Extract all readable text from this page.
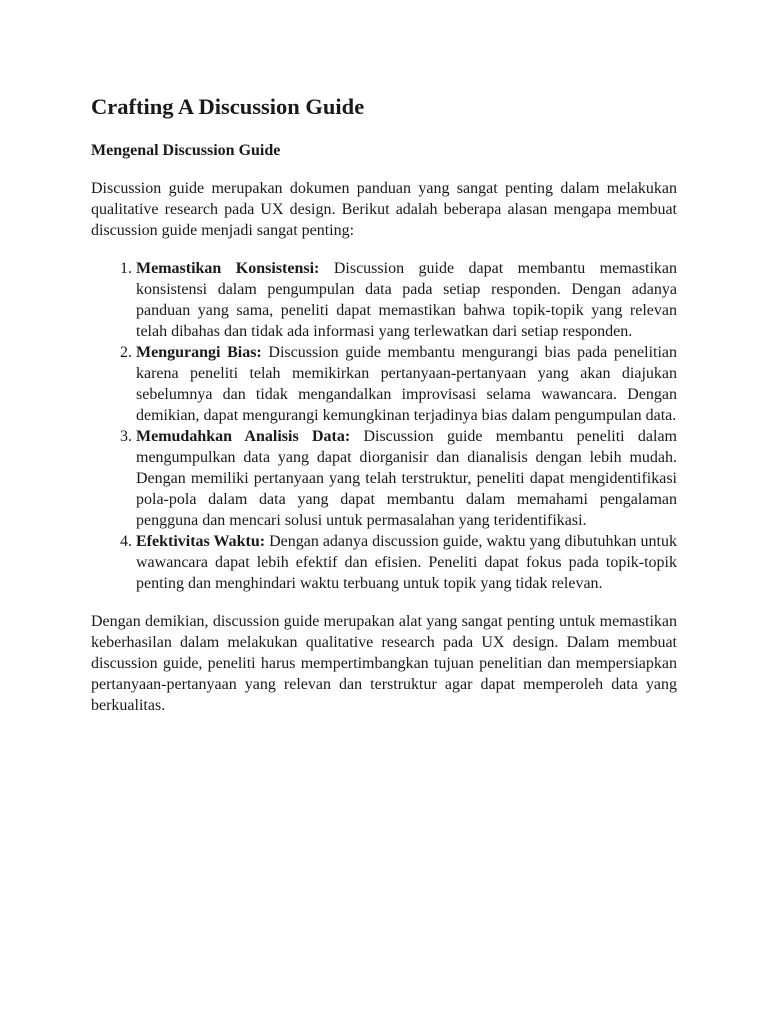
Crafting A Discussion Guide
Mengenal Discussion Guide

Discussion guide merupakan dokumen panduan yang sangat penting dalam melakukan qualitative research pada UX design. Berikut adalah beberapa alasan mengapa membuat discussion guide menjadi sangat penting:

1. Memastikan Konsistensi: Discussion guide dapat membantu memastikan konsistensi dalam pengumpulan data pada setiap responden. Dengan adanya panduan yang sama, peneliti dapat memastikan bahwa topik-topik yang relevan telah dibahas dan tidak ada informasi yang terlewatkan dari setiap responden.
2. Mengurangi Bias: Discussion guide membantu mengurangi bias pada penelitian karena peneliti telah memikirkan pertanyaan-pertanyaan yang akan diajukan sebelumnya dan tidak mengandalkan improvisasi selama wawancara. Dengan demikian, dapat mengurangi kemungkinan terjadinya bias dalam pengumpulan data.
3. Memudahkan Analisis Data: Discussion guide membantu peneliti dalam mengumpulkan data yang dapat diorganisir dan dianalisis dengan lebih mudah. Dengan memiliki pertanyaan yang telah terstruktur, peneliti dapat mengidentifikasi pola-pola dalam data yang dapat membantu dalam memahami pengalaman pengguna dan mencari solusi untuk permasalahan yang teridentifikasi.
4. Efektivitas Waktu: Dengan adanya discussion guide, waktu yang dibutuhkan untuk wawancara dapat lebih efektif dan efisien. Peneliti dapat fokus pada topik-topik penting dan menghindari waktu terbuang untuk topik yang tidak relevan.

Dengan demikian, discussion guide merupakan alat yang sangat penting untuk memastikan keberhasilan dalam melakukan qualitative research pada UX design. Dalam membuat discussion guide, peneliti harus mempertimbangkan tujuan penelitian dan mempersiapkan pertanyaan-pertanyaan yang relevan dan terstruktur agar dapat memperoleh data yang berkualitas.
